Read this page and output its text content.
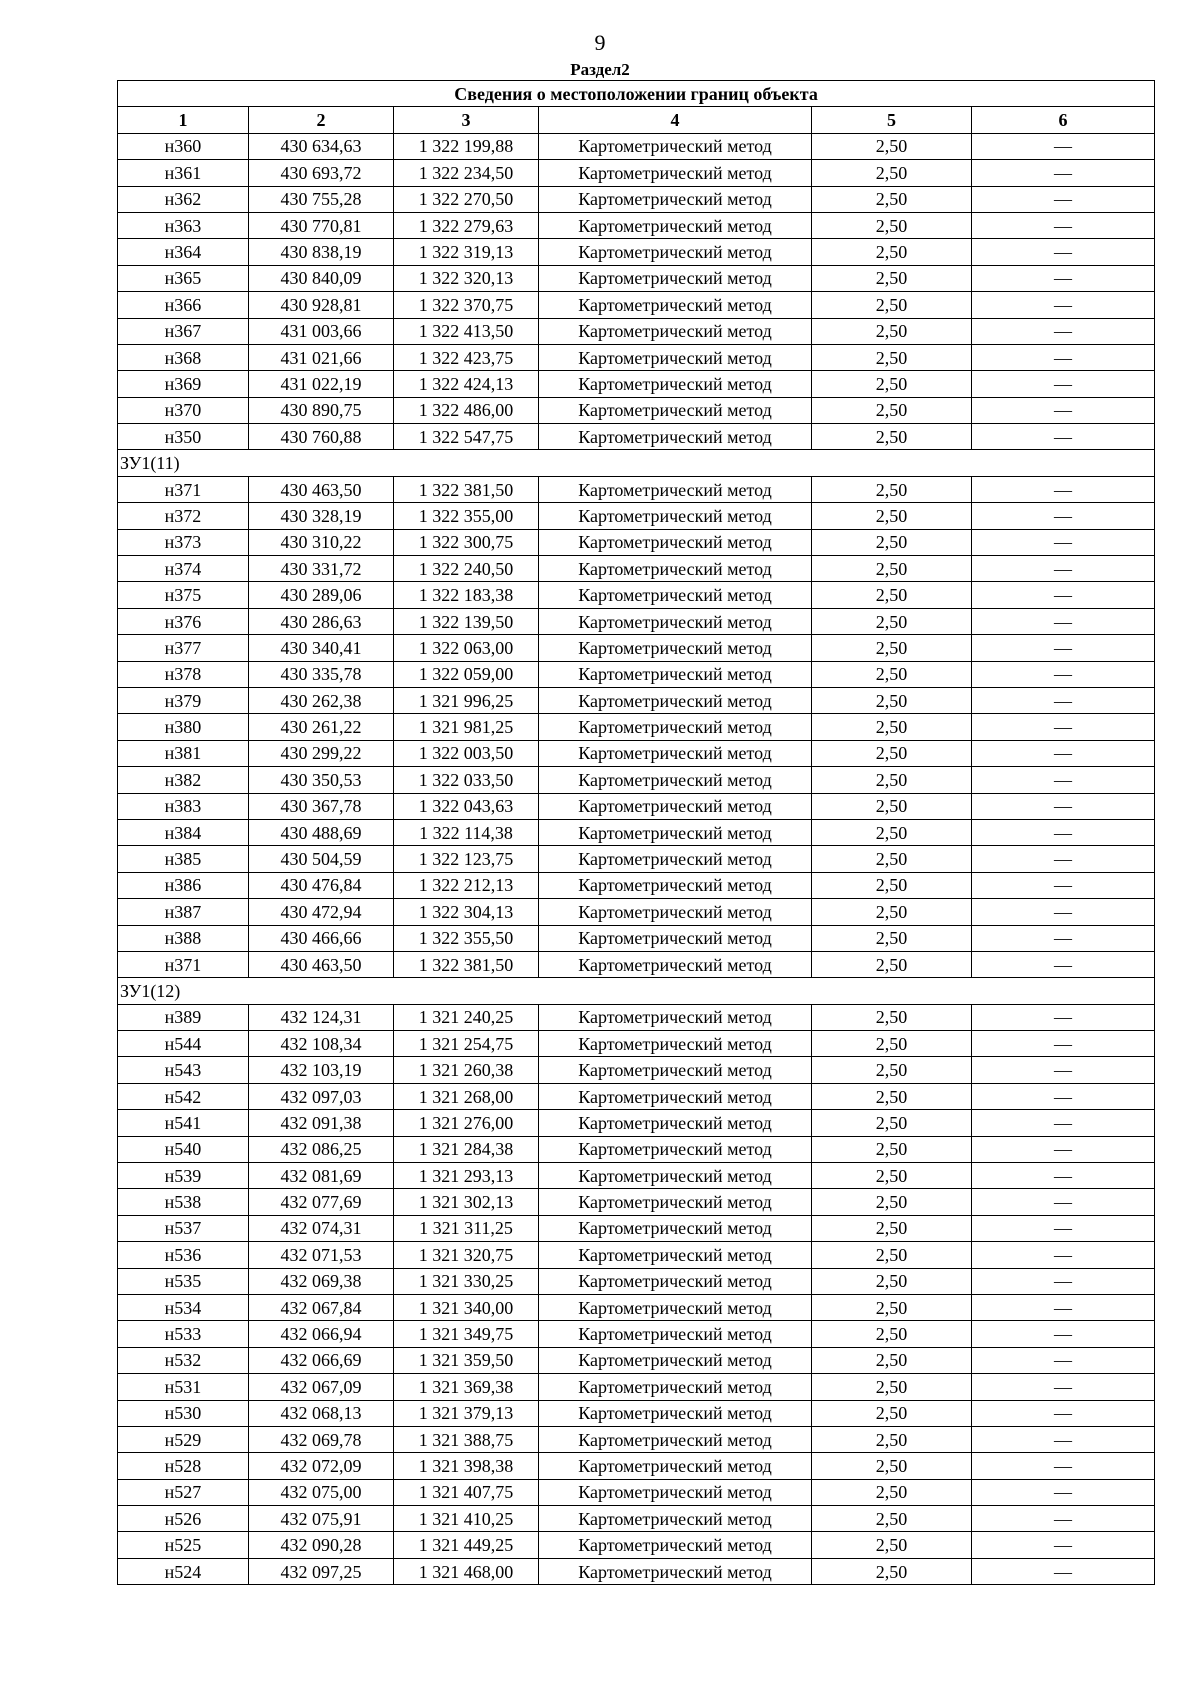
9
Раздел2
Сведения о местоположении границ объекта					
1	2	3	4	5	6
н360	430 634,63	1 322 199,88	Картометрический метод	2,50	—
н361	430 693,72	1 322 234,50	Картометрический метод	2,50	—
н362	430 755,28	1 322 270,50	Картометрический метод	2,50	—
н363	430 770,81	1 322 279,63	Картометрический метод	2,50	—
н364	430 838,19	1 322 319,13	Картометрический метод	2,50	—
н365	430 840,09	1 322 320,13	Картометрический метод	2,50	—
н366	430 928,81	1 322 370,75	Картометрический метод	2,50	—
н367	431 003,66	1 322 413,50	Картометрический метод	2,50	—
н368	431 021,66	1 322 423,75	Картометрический метод	2,50	—
н369	431 022,19	1 322 424,13	Картометрический метод	2,50	—
н370	430 890,75	1 322 486,00	Картометрический метод	2,50	—
н350	430 760,88	1 322 547,75	Картометрический метод	2,50	—
ЗУ1(11)					
н371	430 463,50	1 322 381,50	Картометрический метод	2,50	—
н372	430 328,19	1 322 355,00	Картометрический метод	2,50	—
н373	430 310,22	1 322 300,75	Картометрический метод	2,50	—
н374	430 331,72	1 322 240,50	Картометрический метод	2,50	—
н375	430 289,06	1 322 183,38	Картометрический метод	2,50	—
н376	430 286,63	1 322 139,50	Картометрический метод	2,50	—
н377	430 340,41	1 322 063,00	Картометрический метод	2,50	—
н378	430 335,78	1 322 059,00	Картометрический метод	2,50	—
н379	430 262,38	1 321 996,25	Картометрический метод	2,50	—
н380	430 261,22	1 321 981,25	Картометрический метод	2,50	—
н381	430 299,22	1 322 003,50	Картометрический метод	2,50	—
н382	430 350,53	1 322 033,50	Картометрический метод	2,50	—
н383	430 367,78	1 322 043,63	Картометрический метод	2,50	—
н384	430 488,69	1 322 114,38	Картометрический метод	2,50	—
н385	430 504,59	1 322 123,75	Картометрический метод	2,50	—
н386	430 476,84	1 322 212,13	Картометрический метод	2,50	—
н387	430 472,94	1 322 304,13	Картометрический метод	2,50	—
н388	430 466,66	1 322 355,50	Картометрический метод	2,50	—
н371	430 463,50	1 322 381,50	Картометрический метод	2,50	—
ЗУ1(12)					
н389	432 124,31	1 321 240,25	Картометрический метод	2,50	—
н544	432 108,34	1 321 254,75	Картометрический метод	2,50	—
н543	432 103,19	1 321 260,38	Картометрический метод	2,50	—
н542	432 097,03	1 321 268,00	Картометрический метод	2,50	—
н541	432 091,38	1 321 276,00	Картометрический метод	2,50	—
н540	432 086,25	1 321 284,38	Картометрический метод	2,50	—
н539	432 081,69	1 321 293,13	Картометрический метод	2,50	—
н538	432 077,69	1 321 302,13	Картометрический метод	2,50	—
н537	432 074,31	1 321 311,25	Картометрический метод	2,50	—
н536	432 071,53	1 321 320,75	Картометрический метод	2,50	—
н535	432 069,38	1 321 330,25	Картометрический метод	2,50	—
н534	432 067,84	1 321 340,00	Картометрический метод	2,50	—
н533	432 066,94	1 321 349,75	Картометрический метод	2,50	—
н532	432 066,69	1 321 359,50	Картометрический метод	2,50	—
н531	432 067,09	1 321 369,38	Картометрический метод	2,50	—
н530	432 068,13	1 321 379,13	Картометрический метод	2,50	—
н529	432 069,78	1 321 388,75	Картометрический метод	2,50	—
н528	432 072,09	1 321 398,38	Картометрический метод	2,50	—
н527	432 075,00	1 321 407,75	Картометрический метод	2,50	—
н526	432 075,91	1 321 410,25	Картометрический метод	2,50	—
н525	432 090,28	1 321 449,25	Картометрический метод	2,50	—
н524	432 097,25	1 321 468,00	Картометрический метод	2,50	—
